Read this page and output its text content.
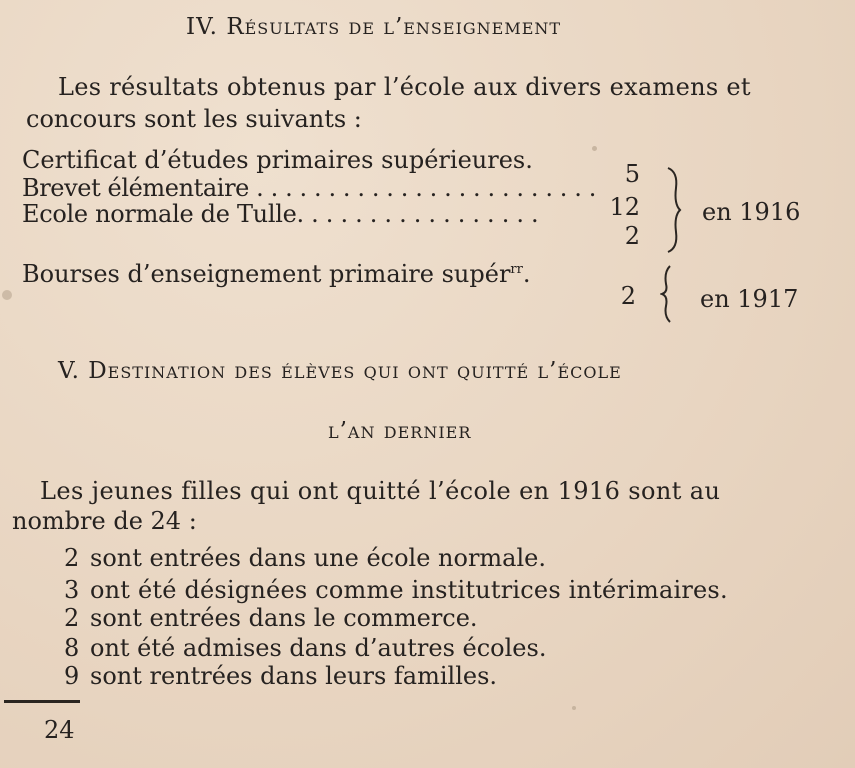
IV. Résultats de l’enseignement
Les résultats obtenus par l’école aux divers examens et
concours sont les suivants :
Certificat d’études primaires supérieures.	5
Brevet élémentaire . . . . . . . . . . . . . . . . . . . . . . . .
12
Ecole normale de Tulle. . . . . . . . . . . . . . . . .
2
en 1916
Bourses d’enseignement primaire supér$^{rr}$.
2	en 1917
V. Destination des élèves qui ont quitté l’école
l’an dernier
Les jeunes filles qui ont quitté l’école en 1916 sont au
nombre de 24 :
2 sont entrées dans une école normale.
3 ont été désignées comme institutrices intérimaires.
2 sont entrées dans le commerce.
8 ont été admises dans d’autres écoles.
9 sont rentrées dans leurs familles.
24
